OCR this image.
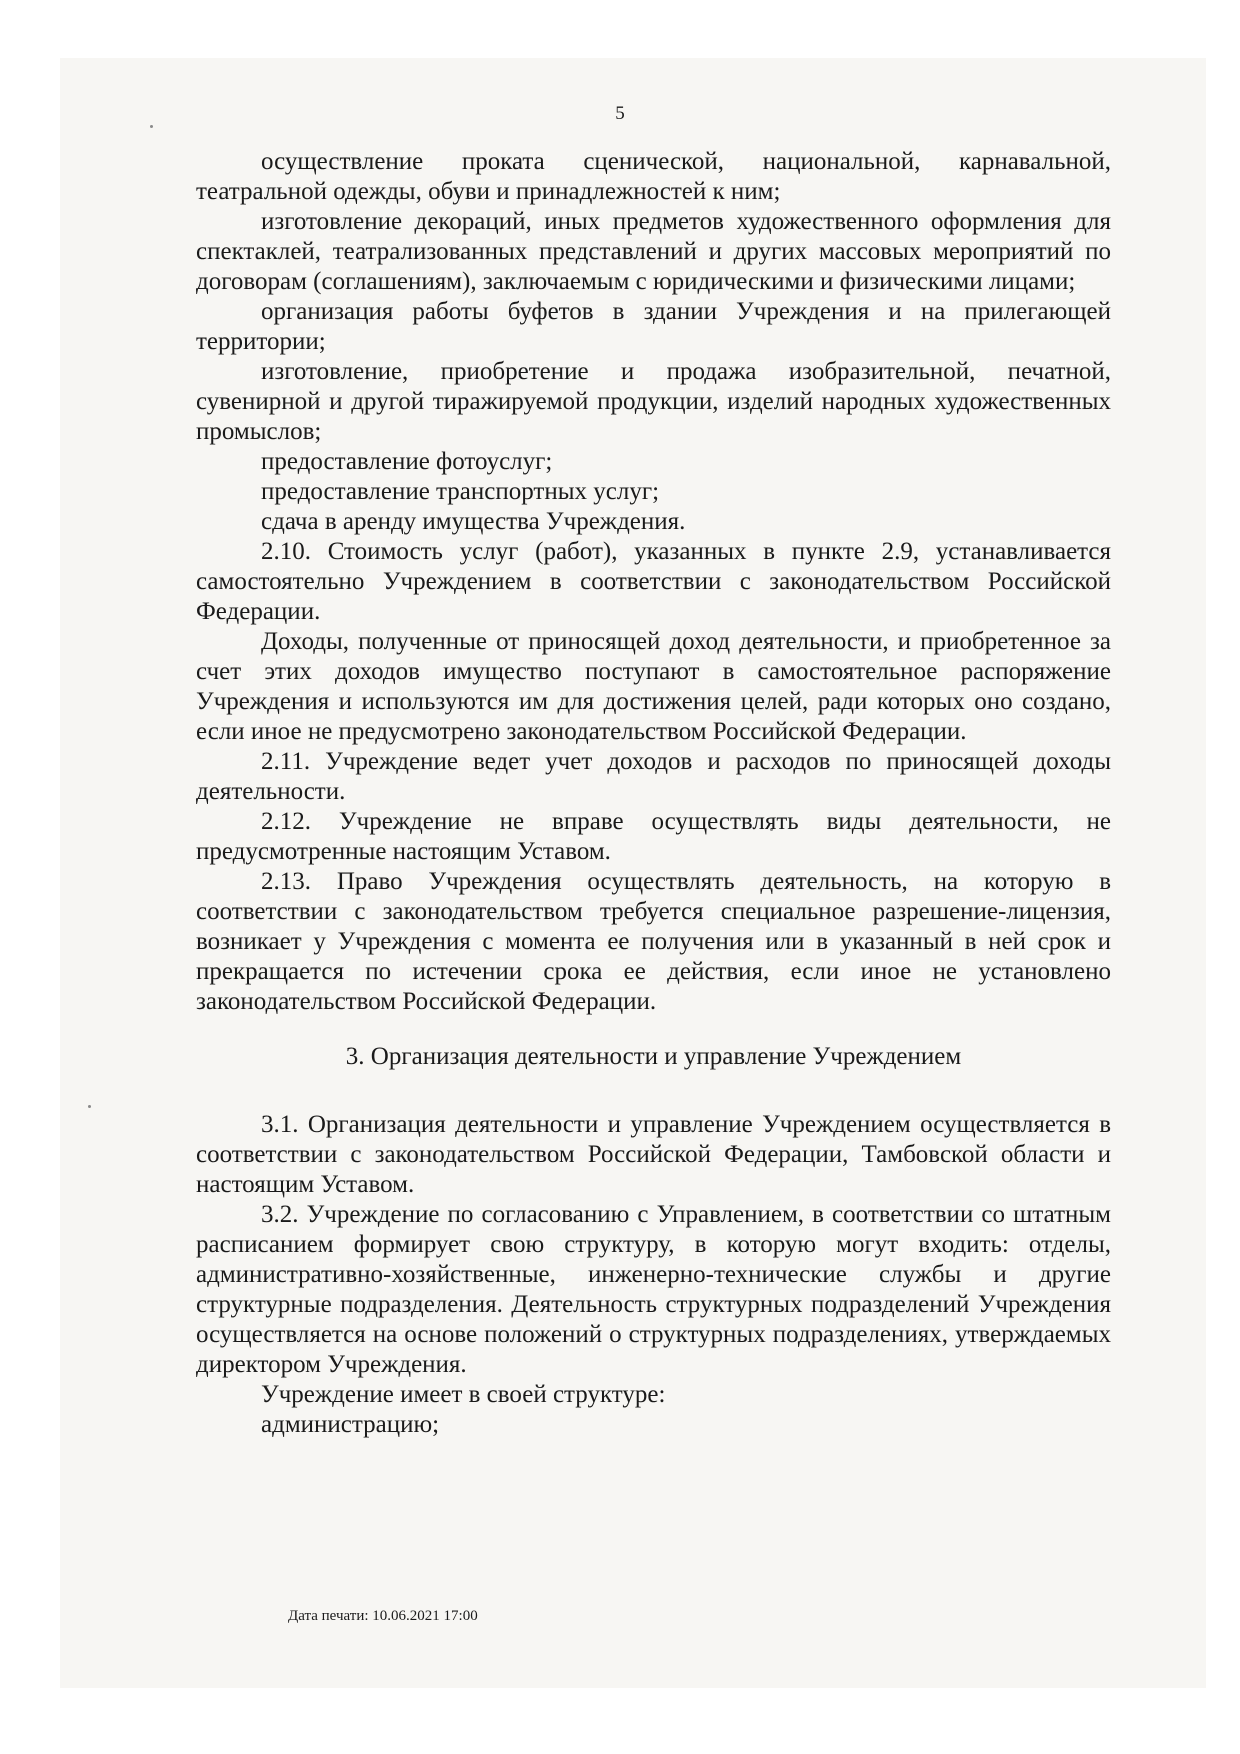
5

осуществление проката сценической, национальной, карнавальной, театральной одежды, обуви и принадлежностей к ним;

изготовление декораций, иных предметов художественного оформления для спектаклей, театрализованных представлений и других массовых мероприятий по договорам (соглашениям), заключаемым с юридическими и физическими лицами;

организация работы буфетов в здании Учреждения и на прилегающей территории;

изготовление, приобретение и продажа изобразительной, печатной, сувенирной и другой тиражируемой продукции, изделий народных художественных промыслов;

предоставление фотоуслуг;

предоставление транспортных услуг;

сдача в аренду имущества Учреждения.

2.10. Стоимость услуг (работ), указанных в пункте 2.9, устанавливается самостоятельно Учреждением в соответствии с законодательством Российской Федерации.

Доходы, полученные от приносящей доход деятельности, и приобретенное за счет этих доходов имущество поступают в самостоятельное распоряжение Учреждения и используются им для достижения целей, ради которых оно создано, если иное не предусмотрено законодательством Российской Федерации.

2.11. Учреждение ведет учет доходов и расходов по приносящей доходы деятельности.

2.12. Учреждение не вправе осуществлять виды деятельности, не предусмотренные настоящим Уставом.

2.13. Право Учреждения осуществлять деятельность, на которую в соответствии с законодательством требуется специальное разрешение-лицензия, возникает у Учреждения с момента ее получения или в указанный в ней срок и прекращается по истечении срока ее действия, если иное не установлено законодательством Российской Федерации.

3. Организация деятельности и управление Учреждением

3.1. Организация деятельности и управление Учреждением осуществляется в соответствии с законодательством Российской Федерации, Тамбовской области и настоящим Уставом.

3.2. Учреждение по согласованию с Управлением, в соответствии со штатным расписанием формирует свою структуру, в которую могут входить: отделы, административно-хозяйственные, инженерно-технические службы и другие структурные подразделения. Деятельность структурных подразделений Учреждения осуществляется на основе положений о структурных подразделениях, утверждаемых директором Учреждения.

Учреждение имеет в своей структуре:

администрацию;

Дата печати: 10.06.2021 17:00
